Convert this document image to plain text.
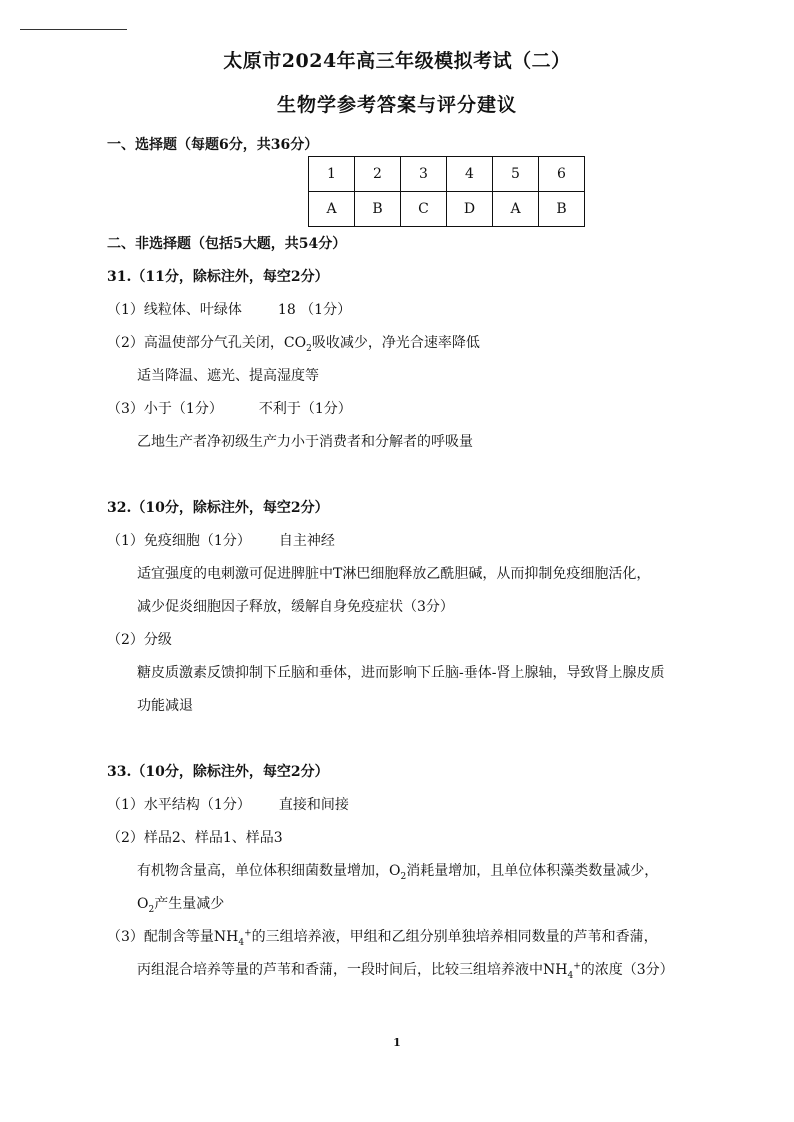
太原市2024年高三年级模拟考试（二）
生物学参考答案与评分建议
一、选择题（每题6分，共36分）
1	2	3	4	5	6
A	B	C	D	A	B
二、非选择题（包括5大题，共54分）
31.（11分，除标注外，每空2分）
（1）线粒体、叶绿体	18 （1分）
（2）高温使部分气孔关闭，$CO_2$吸收减少，净光合速率降低
适当降温、遮光、提高湿度等
（3）小于（1分）	不利于（1分）
乙地生产者净初级生产力小于消费者和分解者的呼吸量
32.（10分，除标注外，每空2分）
（1）免疫细胞（1分） 自主神经
适宜强度的电刺激可促进脾脏中T淋巴细胞释放乙酰胆碱，从而抑制免疫细胞活化，
减少促炎细胞因子释放，缓解自身免疫症状（3分）
（2）分级
糖皮质激素反馈抑制下丘脑和垂体，进而影响下丘脑-垂体-肾上腺轴，导致肾上腺皮质
功能减退
33.（10分，除标注外，每空2分）
（1）水平结构（1分） 直接和间接
（2）样品2、样品1、样品3
有机物含量高，单位体积细菌数量增加，$O_2$消耗量增加，且单位体积藻类数量减少，
$O_2$产生量减少
（3）配制含等量$NH_4^+$的三组培养液，甲组和乙组分别单独培养相同数量的芦苇和香蒲，
丙组混合培养等量的芦苇和香蒲，一段时间后，比较三组培养液中$NH_4^+$的浓度（3分）
1
